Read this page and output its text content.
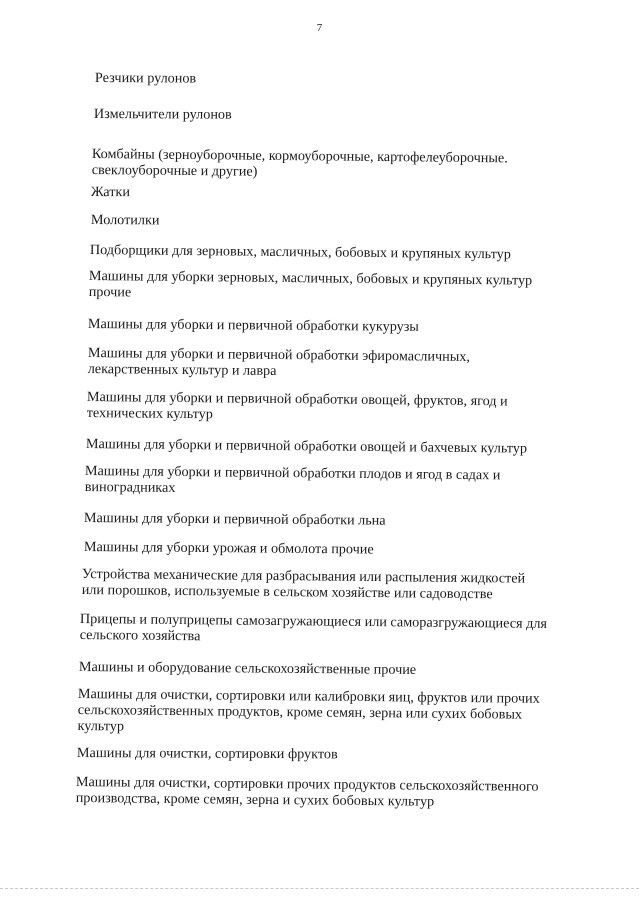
7
Резчики рулонов
Измельчители рулонов
Комбайны (зерноуборочные, кормоуборочные, картофелеуборочные.
свеклоуборочные и другие)
Жатки
Молотилки
Подборщики для зерновых, масличных, бобовых и крупяных культур
Машины для уборки зерновых, масличных, бобовых и крупяных культур
прочие
Машины для уборки и первичной обработки кукурузы
Машины для уборки и первичной обработки эфиромасличных,
лекарственных культур и лавра
Машины для уборки и первичной обработки овощей, фруктов, ягод и
технических культур
Машины для уборки и первичной обработки овощей и бахчевых культур
Машины для уборки и первичной обработки плодов и ягод в садах и
виноградниках
Машины для уборки и первичной обработки льна
Машины для уборки урожая и обмолота прочие
Устройства механические для разбрасывания или распыления жидкостей
или порошков, используемые в сельском хозяйстве или садоводстве
Прицепы и полуприцепы самозагружающиеся или саморазгружающиеся для
сельского хозяйства
Машины и оборудование сельскохозяйственные прочие
Машины для очистки, сортировки или калибровки яиц, фруктов или прочих
сельскохозяйственных продуктов, кроме семян, зерна или сухих бобовых
культур
Машины для очистки, сортировки фруктов
Машины для очистки, сортировки прочих продуктов сельскохозяйственного
производства, кроме семян, зерна и сухих бобовых культур
